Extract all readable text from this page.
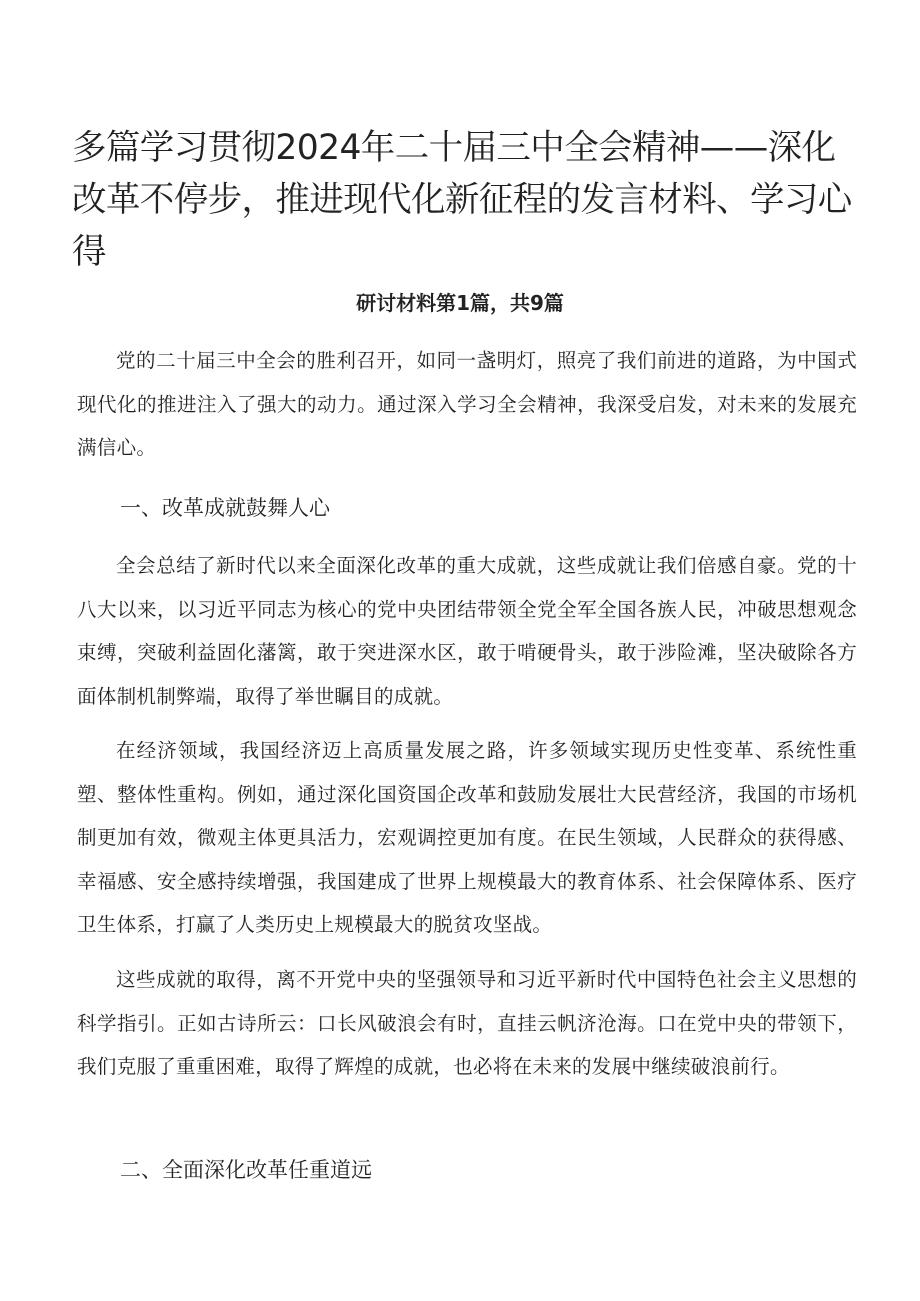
多篇学习贯彻2024年二十届三中全会精神——深化改革不停步，推进现代化新征程的发言材料、学习心得
研讨材料第1篇，共9篇

党的二十届三中全会的胜利召开，如同一盏明灯，照亮了我们前进的道路，为中国式现代化的推进注入了强大的动力。通过深入学习全会精神，我深受启发，对未来的发展充满信心。

一、改革成就鼓舞人心

全会总结了新时代以来全面深化改革的重大成就，这些成就让我们倍感自豪。党的十八大以来，以习近平同志为核心的党中央团结带领全党全军全国各族人民，冲破思想观念束缚，突破利益固化藩篱，敢于突进深水区，敢于啃硬骨头，敢于涉险滩，坚决破除各方面体制机制弊端，取得了举世瞩目的成就。

在经济领域，我国经济迈上高质量发展之路，许多领域实现历史性变革、系统性重塑、整体性重构。例如，通过深化国资国企改革和鼓励发展壮大民营经济，我国的市场机制更加有效，微观主体更具活力，宏观调控更加有度。在民生领域，人民群众的获得感、幸福感、安全感持续增强，我国建成了世界上规模最大的教育体系、社会保障体系、医疗卫生体系，打赢了人类历史上规模最大的脱贫攻坚战。

这些成就的取得，离不开党中央的坚强领导和习近平新时代中国特色社会主义思想的科学指引。正如古诗所云：口长风破浪会有时，直挂云帆济沧海。口在党中央的带领下，我们克服了重重困难，取得了辉煌的成就，也必将在未来的发展中继续破浪前行。

二、全面深化改革任重道远
